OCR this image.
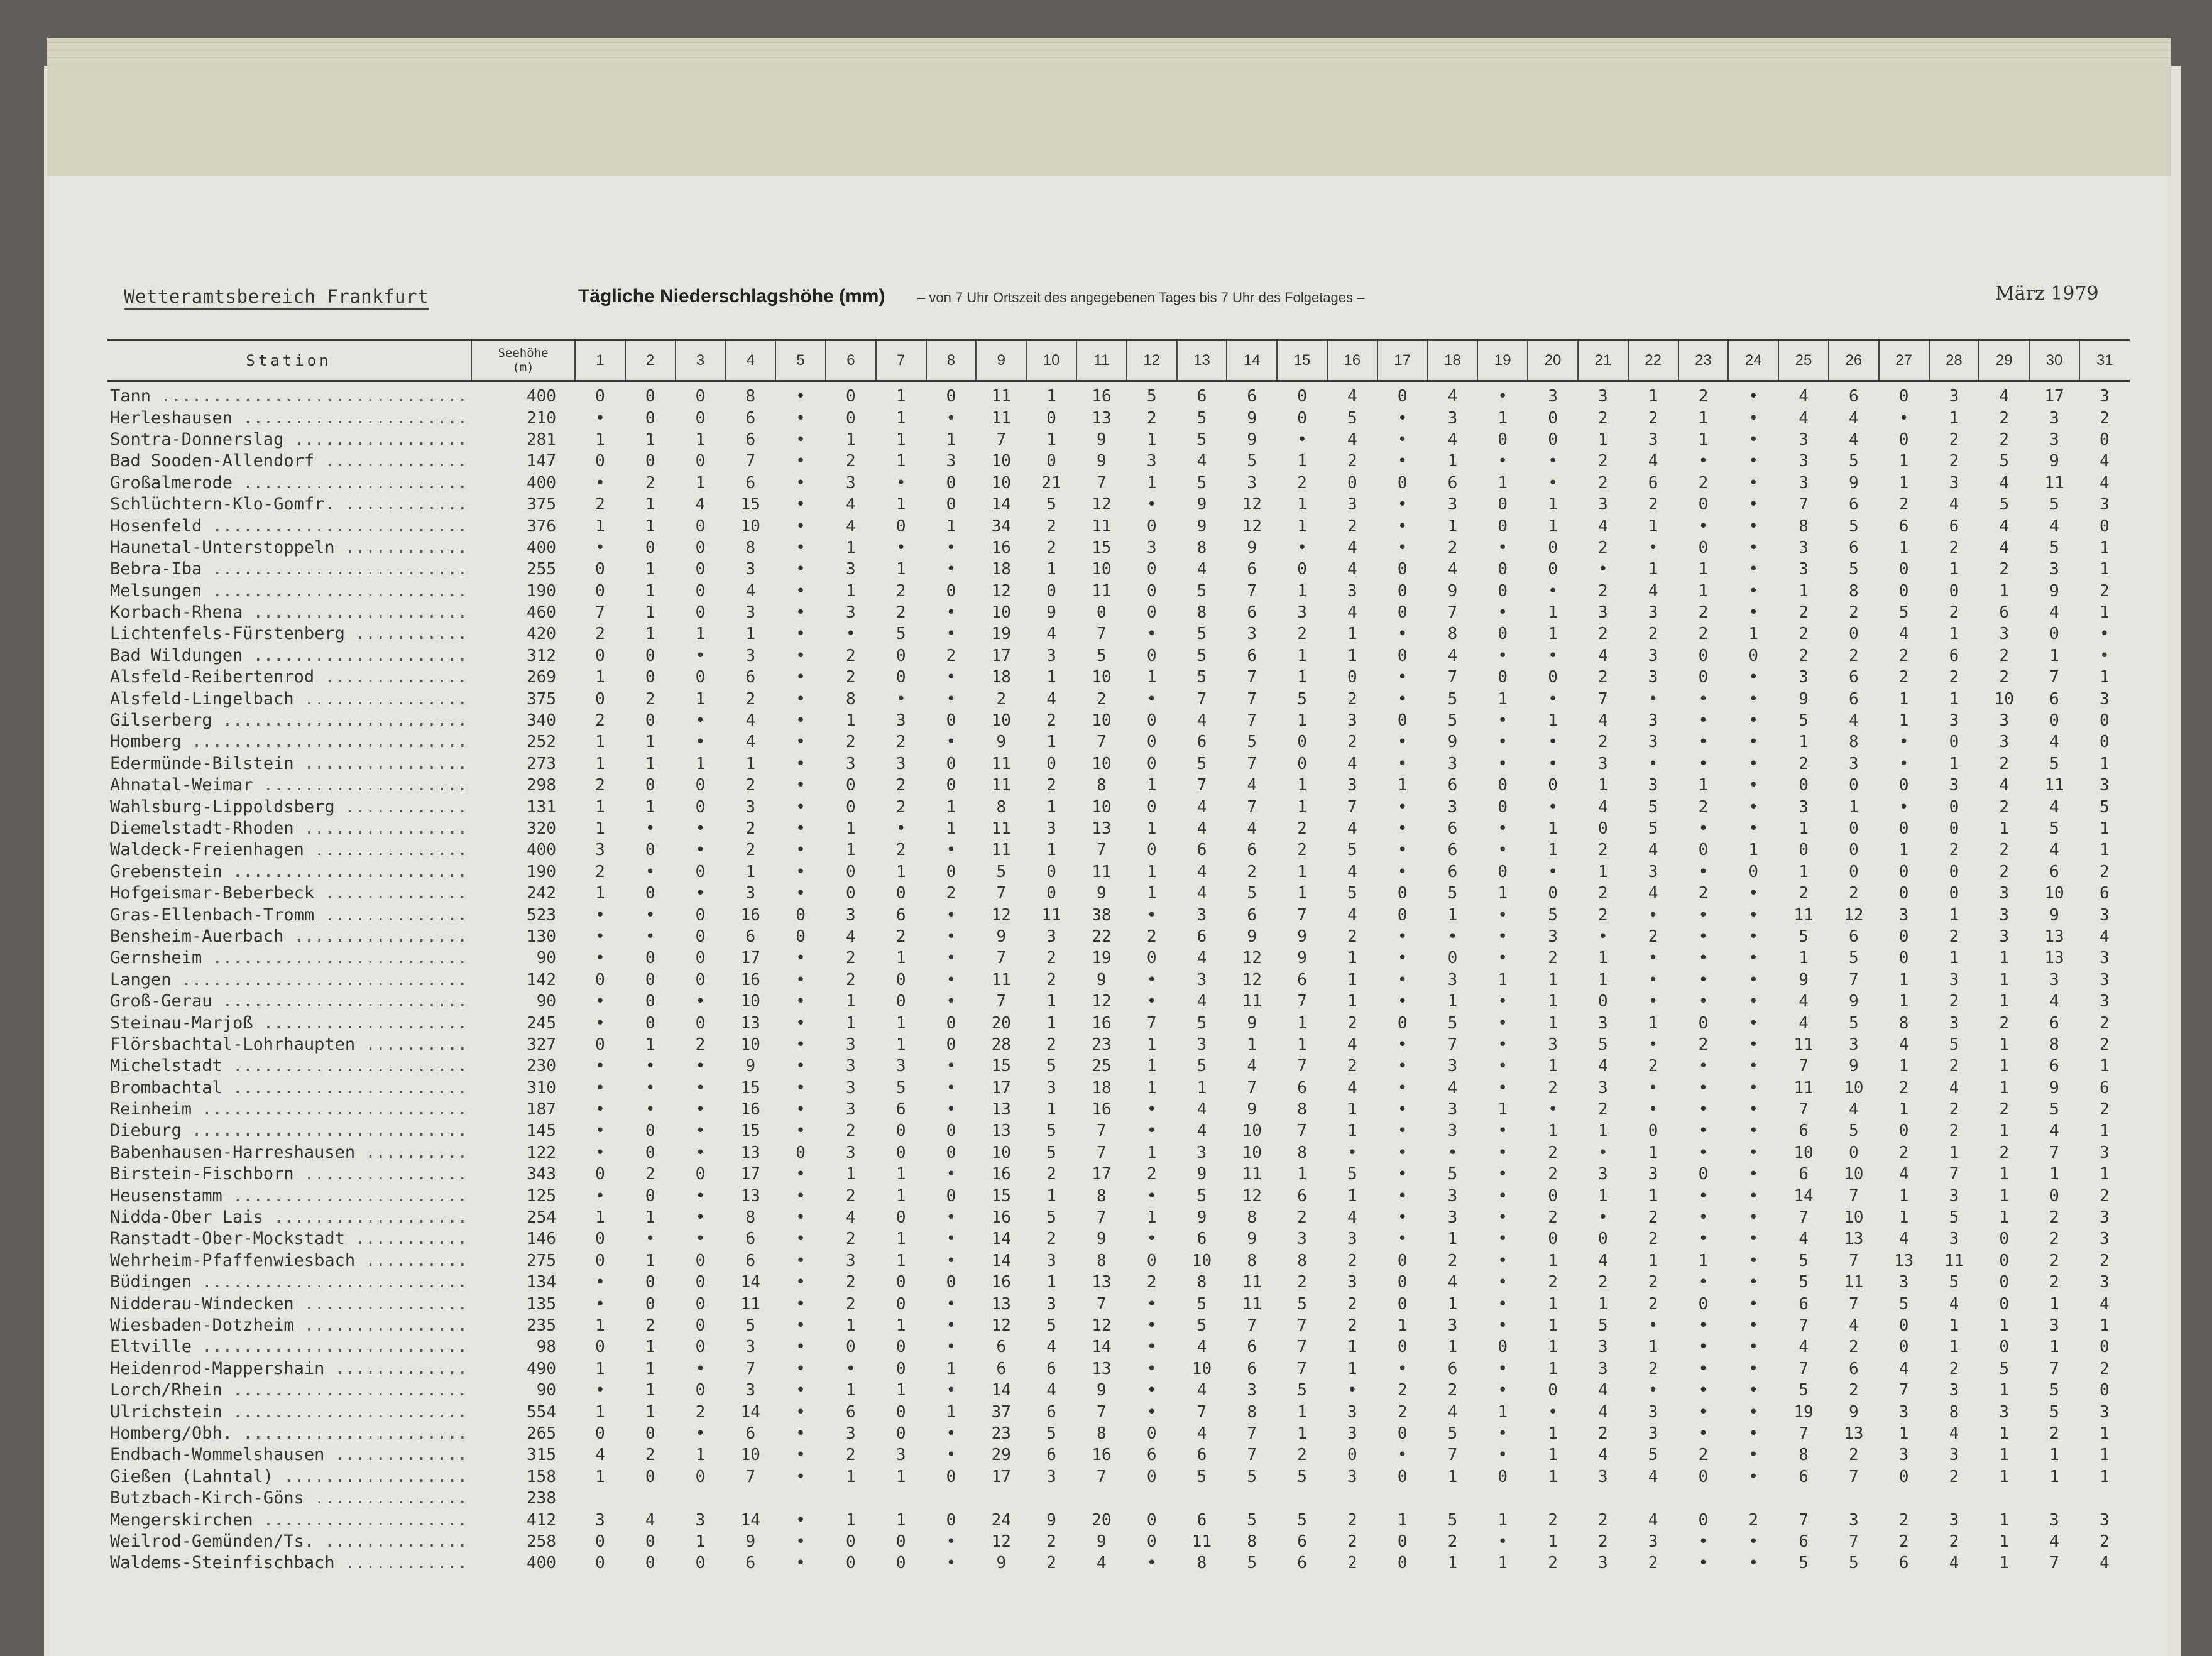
Wetteramtsbereich Frankfurt	Tägliche Niederschlagshöhe (mm) – von 7 Uhr Ortszeit des angegebenen Tages bis 7 Uhr des Folgetages –	März 1979
Station	Seehöhe
(m)	1	2	3	4	5	6	7	8	9	10	11	12	13	14	15	16	17	18	19	20	21	22	23	24	25	26	27	28	29	30	31
Tann ..............................	400	0	0	0	8	•	0	1	0	11	1	16	5	6	6	0	4	0	4	•	3	3	1	2	•	4	6	0	3	4	17	3
Herleshausen ......................	210	•	0	0	6	•	0	1	•	11	0	13	2	5	9	0	5	•	3	1	0	2	2	1	•	4	4	•	1	2	3	2
Sontra-Donnerslag .................	281	1	1	1	6	•	1	1	1	7	1	9	1	5	9	•	4	•	4	0	0	1	3	1	•	3	4	0	2	2	3	0
Bad Sooden-Allendorf ..............	147	0	0	0	7	•	2	1	3	10	0	9	3	4	5	1	2	•	1	•	•	2	4	•	•	3	5	1	2	5	9	4
Großalmerode ......................	400	•	2	1	6	•	3	•	0	10	21	7	1	5	3	2	0	0	6	1	•	2	6	2	•	3	9	1	3	4	11	4
Schlüchtern-Klo-Gomfr. ............	375	2	1	4	15	•	4	1	0	14	5	12	•	9	12	1	3	•	3	0	1	3	2	0	•	7	6	2	4	5	5	3
Hosenfeld .........................	376	1	1	0	10	•	4	0	1	34	2	11	0	9	12	1	2	•	1	0	1	4	1	•	•	8	5	6	6	4	4	0
Haunetal-Unterstoppeln ............	400	•	0	0	8	•	1	•	•	16	2	15	3	8	9	•	4	•	2	•	0	2	•	0	•	3	6	1	2	4	5	1
Bebra-Iba .........................	255	0	1	0	3	•	3	1	•	18	1	10	0	4	6	0	4	0	4	0	0	•	1	1	•	3	5	0	1	2	3	1
Melsungen .........................	190	0	1	0	4	•	1	2	0	12	0	11	0	5	7	1	3	0	9	0	•	2	4	1	•	1	8	0	0	1	9	2
Korbach-Rhena .....................	460	7	1	0	3	•	3	2	•	10	9	0	0	8	6	3	4	0	7	•	1	3	3	2	•	2	2	5	2	6	4	1
Lichtenfels-Fürstenberg ...........	420	2	1	1	1	•	•	5	•	19	4	7	•	5	3	2	1	•	8	0	1	2	2	2	1	2	0	4	1	3	0	•
Bad Wildungen .....................	312	0	0	•	3	•	2	0	2	17	3	5	0	5	6	1	1	0	4	•	•	4	3	0	0	2	2	2	6	2	1	•
Alsfeld-Reibertenrod ..............	269	1	0	0	6	•	2	0	•	18	1	10	1	5	7	1	0	•	7	0	0	2	3	0	•	3	6	2	2	2	7	1
Alsfeld-Lingelbach ................	375	0	2	1	2	•	8	•	•	2	4	2	•	7	7	5	2	•	5	1	•	7	•	•	•	9	6	1	1	10	6	3
Gilserberg ........................	340	2	0	•	4	•	1	3	0	10	2	10	0	4	7	1	3	0	5	•	1	4	3	•	•	5	4	1	3	3	0	0
Homberg ...........................	252	1	1	•	4	•	2	2	•	9	1	7	0	6	5	0	2	•	9	•	•	2	3	•	•	1	8	•	0	3	4	0
Edermünde-Bilstein ................	273	1	1	1	1	•	3	3	0	11	0	10	0	5	7	0	4	•	3	•	•	3	•	•	•	2	3	•	1	2	5	1
Ahnatal-Weimar ....................	298	2	0	0	2	•	0	2	0	11	2	8	1	7	4	1	3	1	6	0	0	1	3	1	•	0	0	0	3	4	11	3
Wahlsburg-Lippoldsberg ............	131	1	1	0	3	•	0	2	1	8	1	10	0	4	7	1	7	•	3	0	•	4	5	2	•	3	1	•	0	2	4	5
Diemelstadt-Rhoden ................	320	1	•	•	2	•	1	•	1	11	3	13	1	4	4	2	4	•	6	•	1	0	5	•	•	1	0	0	0	1	5	1
Waldeck-Freienhagen ...............	400	3	0	•	2	•	1	2	•	11	1	7	0	6	6	2	5	•	6	•	1	2	4	0	1	0	0	1	2	2	4	1
Grebenstein .......................	190	2	•	0	1	•	0	1	0	5	0	11	1	4	2	1	4	•	6	0	•	1	3	•	0	1	0	0	0	2	6	2
Hofgeismar-Beberbeck ..............	242	1	0	•	3	•	0	0	2	7	0	9	1	4	5	1	5	0	5	1	0	2	4	2	•	2	2	0	0	3	10	6
Gras-Ellenbach-Tromm ..............	523	•	•	0	16	0	3	6	•	12	11	38	•	3	6	7	4	0	1	•	5	2	•	•	•	11	12	3	1	3	9	3
Bensheim-Auerbach .................	130	•	•	0	6	0	4	2	•	9	3	22	2	6	9	9	2	•	•	•	3	•	2	•	•	5	6	0	2	3	13	4
Gernsheim .........................	90	•	0	0	17	•	2	1	•	7	2	19	0	4	12	9	1	•	0	•	2	1	•	•	•	1	5	0	1	1	13	3
Langen ............................	142	0	0	0	16	•	2	0	•	11	2	9	•	3	12	6	1	•	3	1	1	1	•	•	•	9	7	1	3	1	3	3
Groß-Gerau ........................	90	•	0	•	10	•	1	0	•	7	1	12	•	4	11	7	1	•	1	•	1	0	•	•	•	4	9	1	2	1	4	3
Steinau-Marjoß ....................	245	•	0	0	13	•	1	1	0	20	1	16	7	5	9	1	2	0	5	•	1	3	1	0	•	4	5	8	3	2	6	2
Flörsbachtal-Lohrhaupten ..........	327	0	1	2	10	•	3	1	0	28	2	23	1	3	1	1	4	•	7	•	3	5	•	2	•	11	3	4	5	1	8	2
Michelstadt .......................	230	•	•	•	9	•	3	3	•	15	5	25	1	5	4	7	2	•	3	•	1	4	2	•	•	7	9	1	2	1	6	1
Brombachtal .......................	310	•	•	•	15	•	3	5	•	17	3	18	1	1	7	6	4	•	4	•	2	3	•	•	•	11	10	2	4	1	9	6
Reinheim ..........................	187	•	•	•	16	•	3	6	•	13	1	16	•	4	9	8	1	•	3	1	•	2	•	•	•	7	4	1	2	2	5	2
Dieburg ...........................	145	•	0	•	15	•	2	0	0	13	5	7	•	4	10	7	1	•	3	•	1	1	0	•	•	6	5	0	2	1	4	1
Babenhausen-Harreshausen ..........	122	•	0	•	13	0	3	0	0	10	5	7	1	3	10	8	•	•	•	•	2	•	1	•	•	10	0	2	1	2	7	3
Birstein-Fischborn ................	343	0	2	0	17	•	1	1	•	16	2	17	2	9	11	1	5	•	5	•	2	3	3	0	•	6	10	4	7	1	1	1
Heusenstamm .......................	125	•	0	•	13	•	2	1	0	15	1	8	•	5	12	6	1	•	3	•	0	1	1	•	•	14	7	1	3	1	0	2
Nidda-Ober Lais ...................	254	1	1	•	8	•	4	0	•	16	5	7	1	9	8	2	4	•	3	•	2	•	2	•	•	7	10	1	5	1	2	3
Ranstadt-Ober-Mockstadt ...........	146	0	•	•	6	•	2	1	•	14	2	9	•	6	9	3	3	•	1	•	0	0	2	•	•	4	13	4	3	0	2	3
Wehrheim-Pfaffenwiesbach ..........	275	0	1	0	6	•	3	1	•	14	3	8	0	10	8	8	2	0	2	•	1	4	1	1	•	5	7	13	11	0	2	2
Büdingen ..........................	134	•	0	0	14	•	2	0	0	16	1	13	2	8	11	2	3	0	4	•	2	2	2	•	•	5	11	3	5	0	2	3
Nidderau-Windecken ................	135	•	0	0	11	•	2	0	•	13	3	7	•	5	11	5	2	0	1	•	1	1	2	0	•	6	7	5	4	0	1	4
Wiesbaden-Dotzheim ................	235	1	2	0	5	•	1	1	•	12	5	12	•	5	7	7	2	1	3	•	1	5	•	•	•	7	4	0	1	1	3	1
Eltville ..........................	98	0	1	0	3	•	0	0	•	6	4	14	•	4	6	7	1	0	1	0	1	3	1	•	•	4	2	0	1	0	1	0
Heidenrod-Mappershain .............	490	1	1	•	7	•	•	0	1	6	6	13	•	10	6	7	1	•	6	•	1	3	2	•	•	7	6	4	2	5	7	2
Lorch/Rhein .......................	90	•	1	0	3	•	1	1	•	14	4	9	•	4	3	5	•	2	2	•	0	4	•	•	•	5	2	7	3	1	5	0
Ulrichstein .......................	554	1	1	2	14	•	6	0	1	37	6	7	•	7	8	1	3	2	4	1	•	4	3	•	•	19	9	3	8	3	5	3
Homberg/Obh. ......................	265	0	0	•	6	•	3	0	•	23	5	8	0	4	7	1	3	0	5	•	1	2	3	•	•	7	13	1	4	1	2	1
Endbach-Wommelshausen .............	315	4	2	1	10	•	2	3	•	29	6	16	6	6	7	2	0	•	7	•	1	4	5	2	•	8	2	3	3	1	1	1
Gießen (Lahntal) ..................	158	1	0	0	7	•	1	1	0	17	3	7	0	5	5	5	3	0	1	0	1	3	4	0	•	6	7	0	2	1	1	1
Butzbach-Kirch-Göns ...............	238																															
Mengerskirchen ....................	412	3	4	3	14	•	1	1	0	24	9	20	0	6	5	5	2	1	5	1	2	2	4	0	2	7	3	2	3	1	3	3
Weilrod-Gemünden/Ts. ..............	258	0	0	1	9	•	0	0	•	12	2	9	0	11	8	6	2	0	2	•	1	2	3	•	•	6	7	2	2	1	4	2
Waldems-Steinfischbach ............	400	0	0	0	6	•	0	0	•	9	2	4	•	8	5	6	2	0	1	1	2	3	2	•	•	5	5	6	4	1	7	4
